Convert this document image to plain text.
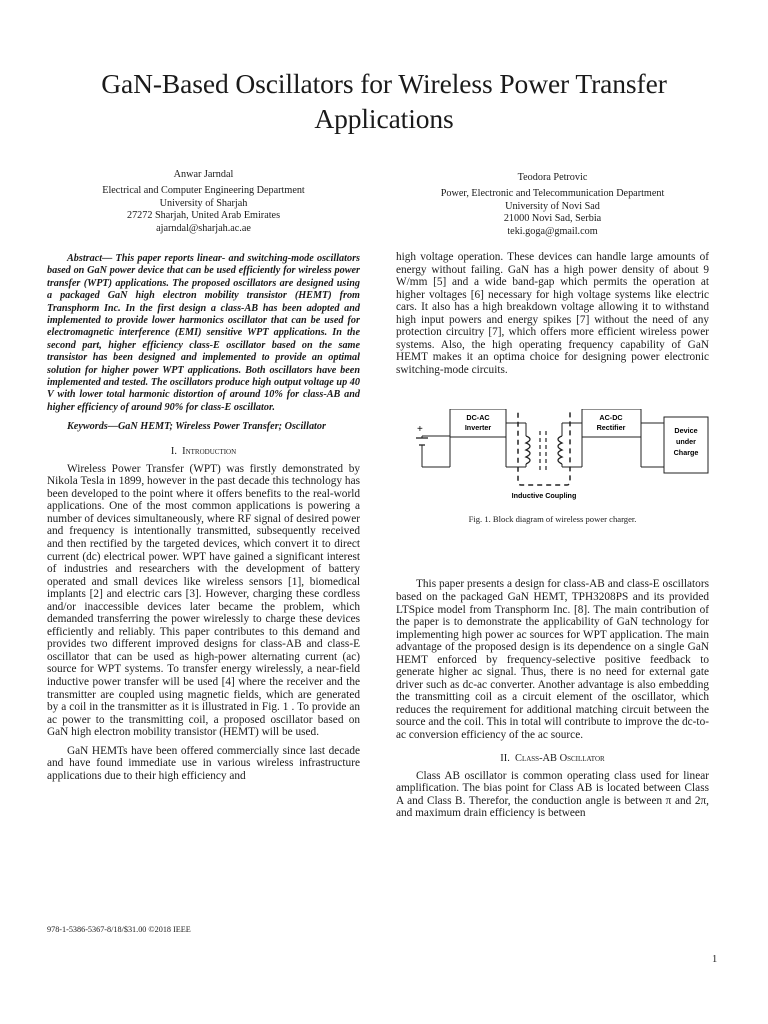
GaN-Based Oscillators for Wireless Power Transfer Applications
Anwar Jarndal
Electrical and Computer Engineering Department
University of Sharjah
27272 Sharjah, United Arab Emirates
ajarndal@sharjah.ac.ae
Teodora Petrovic
Power, Electronic and Telecommunication Department
University of Novi Sad
21000 Novi Sad, Serbia
teki.goga@gmail.com

Abstract— This paper reports linear- and switching-mode oscillators based on GaN power device that can be used efficiently for wireless power transfer (WPT) applications. The proposed oscillators are designed using a packaged GaN high electron mobility transistor (HEMT) from Transphorm Inc. In the first design a class-AB has been adopted and implemented to provide lower harmonics oscillator that can be used for electromagnetic interference (EMI) sensitive WPT applications. In the second part, higher efficiency class-E oscillator based on the same transistor has been designed and implemented to provide an optimal solution for higher power WPT applications. Both oscillators have been implemented and tested. The oscillators produce high output voltage up 40 V with lower total harmonic distortion of around 10% for class-AB and higher efficiency of around 90% for class-E oscillator.

Keywords—GaN HEMT; Wireless Power Transfer; Oscillator

I. Introduction

Wireless Power Transfer (WPT) was firstly demonstrated by Nikola Tesla in 1899, however in the past decade this technology has been developed to the point where it offers benefits to the real-world applications. One of the most common applications is powering a number of devices simultaneously, where RF signal of desired power and frequency is intentionally transmitted, subsequently received and then rectified by the targeted devices, which convert it to direct current (dc) electrical power. WPT have gained a significant interest of industries and researchers with the development of battery operated and small devices like wireless sensors [1], biomedical implants [2] and electric cars [3]. However, charging these cordless and/or inaccessible devices later became the problem, which demanded transferring the power wirelessly to charge these devices efficiently and reliably. This paper contributes to this demand and provides two different improved designs for class-AB and class-E oscillator that can be used as high-power alternating current (ac) source for WPT systems. To transfer energy wirelessly, a near-field inductive power transfer will be used [4] where the receiver and the transmitter are coupled using magnetic fields, which are generated by a coil in the transmitter as it is illustrated in Fig. 1 . To provide an ac power to the transmitting coil, a proposed oscillator based on GaN high electron mobility transistor (HEMT) will be used.

GaN HEMTs have been offered commercially since last decade and have found immediate use in various wireless infrastructure applications due to their high efficiency and

high voltage operation. These devices can handle large amounts of energy without failing. GaN has a high power density of about 9 W/mm [5] and a wide band-gap which permits the operation at higher voltages [6] necessary for high voltage systems like electric cars. It also has a high breakdown voltage allowing it to withstand high input powers and energy spikes [7] without the need of any protection circuitry [7], which offers more efficient wireless power systems. Also, the high operating frequency capability of GaN HEMT makes it an optima choice for designing power electronic switching-mode circuits.

+
DC-AC
Inverter
AC-DC
Rectifier	Device
under
Charge
Inductive Coupling
Fig. 1. Block diagram of wireless power charger.

This paper presents a design for class-AB and class-E oscillators based on the packaged GaN HEMT, TPH3208PS and its provided LTSpice model from Transphorm Inc. [8]. The main contribution of the paper is to demonstrate the applicability of GaN technology for implementing high power ac sources for WPT application. The main advantage of the proposed design is its dependence on a single GaN HEMT enforced by frequency-selective positive feedback to generate higher ac signal. Thus, there is no need for external gate driver such as dc-ac converter. Another advantage is also embedding the transmitting coil as a circuit element of the oscillator, which reduces the requirement for additional matching circuit between the source and the coil. This in total will contribute to improve the dc-to-ac conversion efficiency of the ac source.

II. Class-AB Oscillator

Class AB oscillator is common operating class used for linear amplification. The bias point for Class AB is located between Class A and Class B. Therefor, the conduction angle is between π and 2π, and maximum drain efficiency is between

978-1-5386-5367-8/18/$31.00 ©2018 IEEE
1
